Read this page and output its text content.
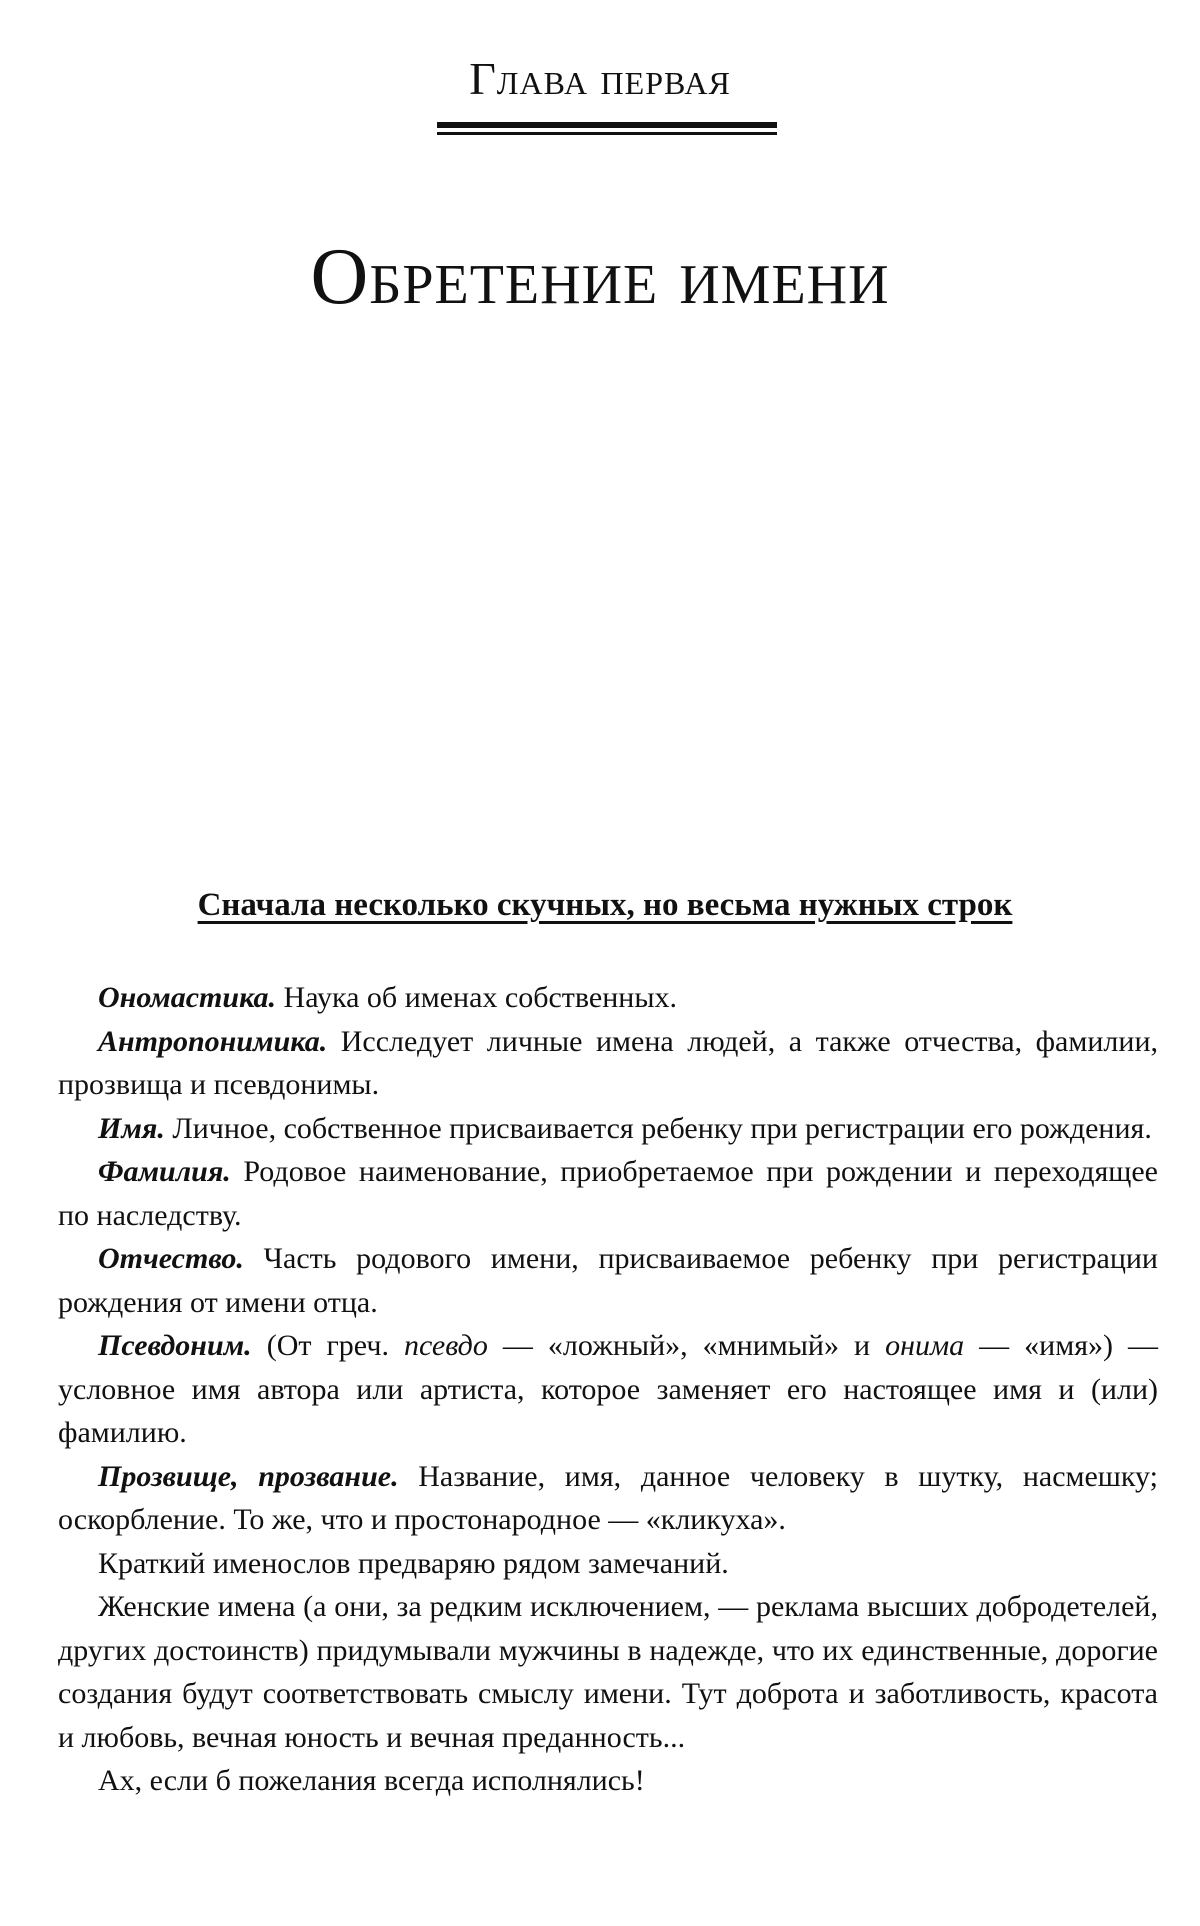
Глава первая
Обретение имени
Сначала несколько скучных, но весьма нужных строк

Ономастика. Наука об именах собственных.

Антропонимика. Исследует личные имена людей, а также отчества, фамилии, прозвища и псевдонимы.

Имя. Личное, собственное присваивается ребенку при регистрации его рождения.

Фамилия. Родовое наименование, приобретаемое при рождении и переходящее по наследству.

Отчество. Часть родового имени, присваиваемое ребенку при регистрации рождения от имени отца.

Псевдоним. (От греч. псевдо — «ложный», «мнимый» и онима — «имя») — условное имя автора или артиста, которое заменяет его настоящее имя и (или) фамилию.

Прозвище, прозвание. Название, имя, данное человеку в шутку, насмешку; оскорбление. То же, что и простонародное — «кликуха».

Краткий именослов предваряю рядом замечаний.

Женские имена (а они, за редким исключением, — реклама высших добродетелей, других достоинств) придумывали мужчины в надежде, что их единственные, дорогие создания будут соответствовать смыслу имени. Тут доброта и заботливость, красота и любовь, вечная юность и вечная преданность...

Ах, если б пожелания всегда исполнялись!
